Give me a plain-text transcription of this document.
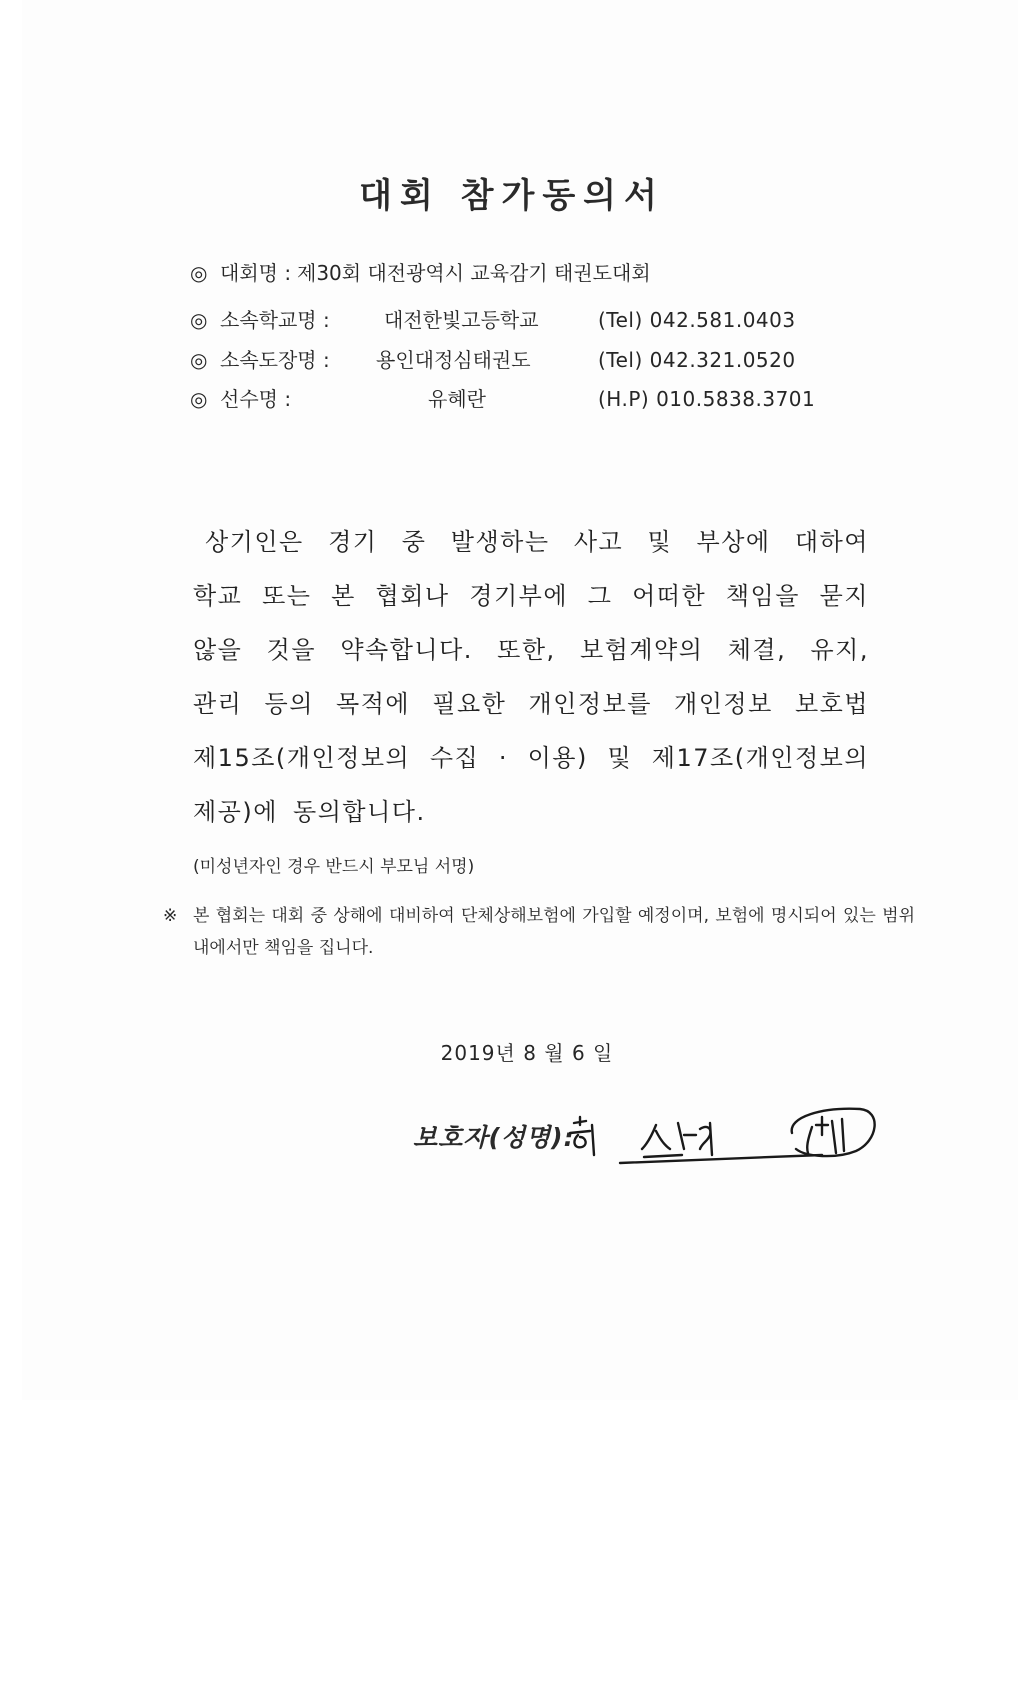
대회 참가동의서
◎ 대회명 : 제30회 대전광역시 교육감기 태권도대회
◎ 소속학교명 :	대전한빛고등학교	(Tel) 042.581.0403
◎ 소속도장명 : 용인대정심태권도	(Tel) 042.321.0520
◎ 선수명 :	유혜란	(H.P) 010.5838.3701
상기인은 경기 중 발생하는 사고 및 부상에 대하여 학교 또는 본 협회나 경기부에 그 어떠한 책임을 묻지 않을 것을 약속합니다. 또한, 보험계약의 체결, 유지, 관리 등의 목적에 필요한 개인정보를 개인정보 보호법 제15조(개인정보의 수집 · 이용) 및 제17조(개인정보의 제공)에 동의합니다.
(미성년자인 경우 반드시 부모님 서명)
※ 본 협회는 대회 중 상해에 대비하여 단체상해보험에 가입할 예정이며, 보험에 명시되어 있는 범위 내에서만 책임을 집니다.
2019년 8 월 6 일
보호자(성명):
